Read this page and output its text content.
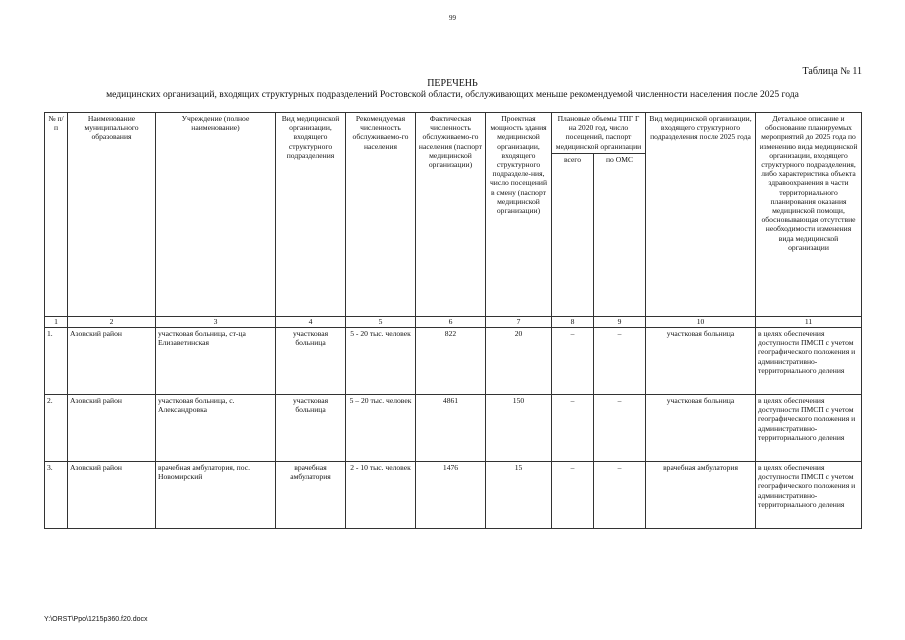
99
Таблица № 11
ПЕРЕЧЕНЬ
медицинских организаций, входящих структурных подразделений Ростовской области, обслуживающих меньше рекомендуемой численности населения после 2025 года
№ п/п	Наименование муниципального образования	Учреждение (полное наименование)	Вид медицинской организации, входящего структурного подразделения	Рекомендуемая численность обслуживаемо-го населения	Фактическая численность обслуживаемо-го населения (паспорт медицинской организации)	Проектная мощность здания медицинской организации, входящего структурного подразделе-ния, число посещений в смену (паспорт медицинской организации)	Плановые объемы ТПГ Г на 2020 год, число посещений, паспорт медицинской организации		Вид медицинской организации, входящего структурного подразделения после 2025 года	Детальное описание и обоснование планируемых мероприятий до 2025 года по изменению вида медицинской организации, входящего структурного подразделения, либо характеристика объекта здравоохранения в части территориального планирования оказания медицинской помощи, обосновывающая отсутствие необходимости изменения вида медицинской организации
							всего	по ОМС		
1	2	3	4	5	6	7	8	9	10	11
1.	Азовский район	участковая больница, ст-ца Елизаветинская	участковая больница	5 - 20 тыс. человек	822	20	–	–	участковая больница	в целях обеспечения доступности ПМСП с учетом географического положения и административно-территориального деления
2.	Азовский район	участковая больница, с. Александровка	участковая больница	5 – 20 тыс. человек	4861	150	–	–	участковая больница	в целях обеспечения доступности ПМСП с учетом географического положения и административно-территориального деления
3.	Азовский район	врачебная амбулатория, пос. Новомирский	врачебная амбулатория	2 - 10 тыс. человек	1476	15	–	–	врачебная амбулатория	в целях обеспечения доступности ПМСП с учетом географического положения и административно-территориального деления
Y:\ORST\Ppo\1215p360.f20.docx
